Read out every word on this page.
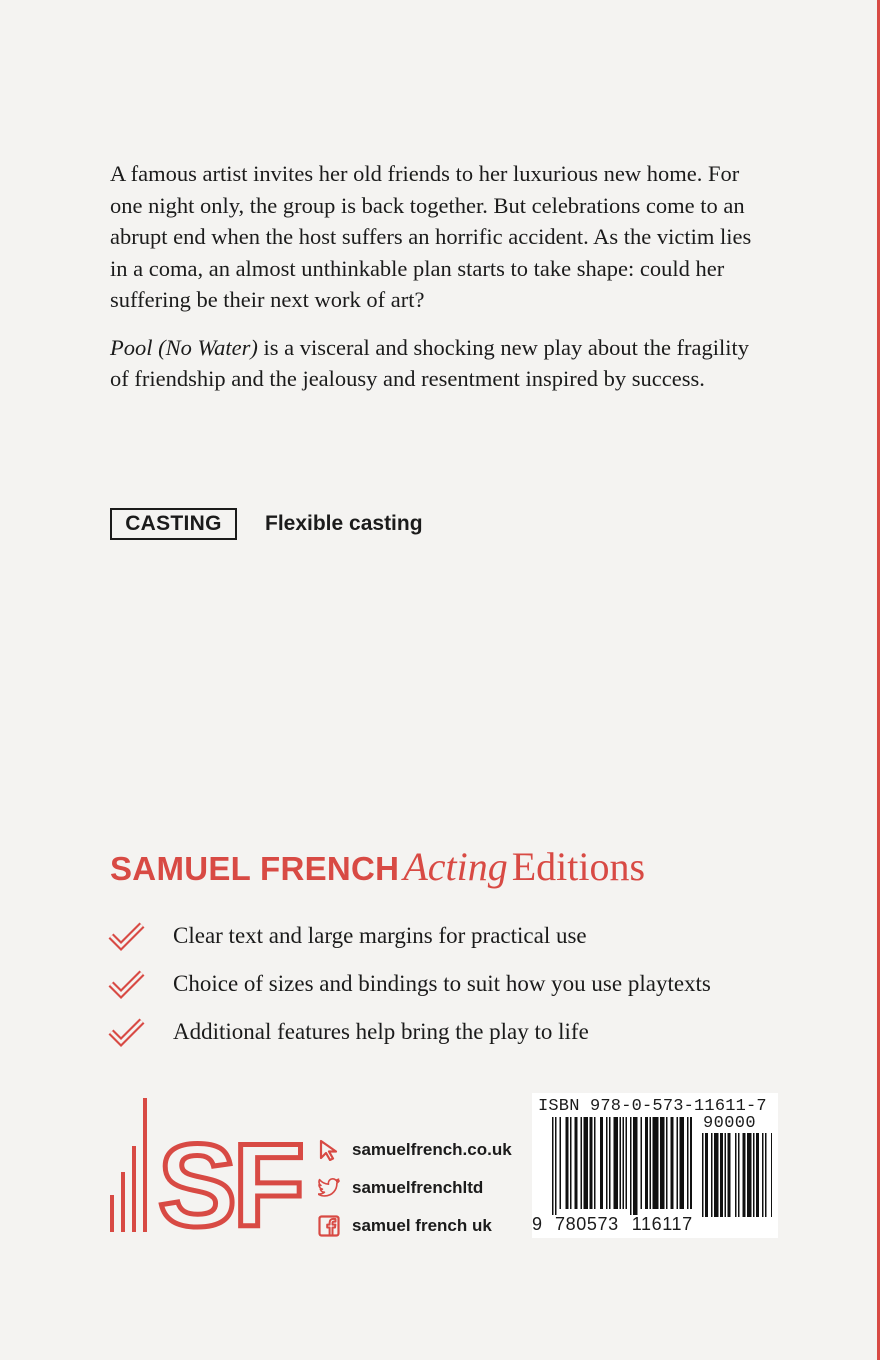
A famous artist invites her old friends to her luxurious new home. For one night only, the group is back together. But celebrations come to an abrupt end when the host suffers an horrific accident. As the victim lies in a coma, an almost unthinkable plan starts to take shape: could her suffering be their next work of art?

Pool (No Water) is a visceral and shocking new play about the fragility of friendship and the jealousy and resentment inspired by success.

CASTING	Flexible casting
SAMUEL FRENCH Acting Editions
Clear text and large margins for practical use
Choice of sizes and bindings to suit how you use playtexts
Additional features help bring the play to life
SF	samuelfrench.co.uk
samuelfrenchltd
samuel french uk
ISBN 978-0-573-11611-7
90000
9 780573 116117
